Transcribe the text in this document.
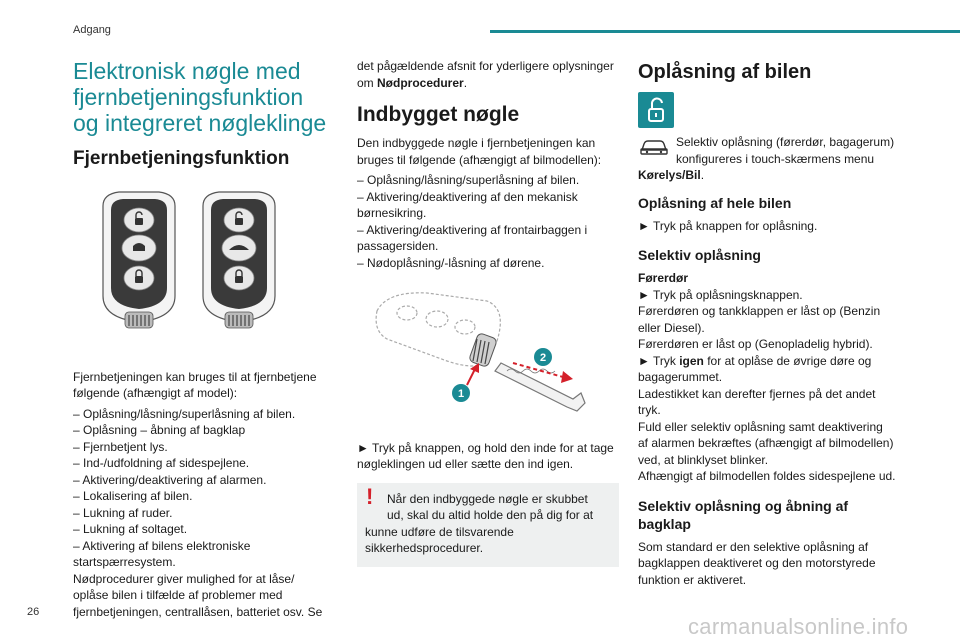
Adgang
Elektronisk nøgle med fjernbetjeningsfunktion og integreret nøgleklinge
Fjernbetjeningsfunktion

Fjernbetjeningen kan bruges til at fjernbetjene
følgende (afhængigt af model):

– Oplåsning/låsning/superlåsning af bilen.
– Oplåsning – åbning af bagklap
– Fjernbetjent lys.
– Ind-/udfoldning af sidespejlene.
– Aktivering/deaktivering af alarmen.
– Lokalisering af bilen.
– Lukning af ruder.
– Lukning af soltaget.
– Aktivering af bilens elektroniske
startspærresystem.
Nødprocedurer giver mulighed for at låse/
oplåse bilen i tilfælde af problemer med
fjernbetjeningen, centrallåsen, batteriet osv. Se

det pågældende afsnit for yderligere oplysninger
om Nødprocedurer.

Indbygget nøgle

Den indbyggede nøgle i fjernbetjeningen kan
bruges til følgende (afhængigt af bilmodellen):

– Oplåsning/låsning/superlåsning af bilen.
– Aktivering/deaktivering af den mekanisk
børnesikring.
– Aktivering/deaktivering af frontairbaggen i
passagersiden.
– Nødoplåsning/-låsning af dørene.
1
2

► Tryk på knappen, og hold den inde for at tage
nøgleklingen ud eller sætte den ind igen.

!	Når den indbyggede nøgle er skubbet
ud, skal du altid holde den på dig for at
kunne udføre de tilsvarende
sikkerhedsprocedurer.
Oplåsning af bilen
Selektiv oplåsning (førerdør, bagagerum)
konfigureres i touch-skærmens menu

Kørelys/Bil.

Oplåsning af hele bilen

► Tryk på knappen for oplåsning.

Selektiv oplåsning
Førerdør
► Tryk på oplåsningsknappen.
Førerdøren og tankklappen er låst op (Benzin
eller Diesel).
Førerdøren er låst op (Genopladelig hybrid).
► Tryk igen for at oplåse de øvrige døre og
bagagerummet.
Ladestikket kan derefter fjernes på det andet
tryk.
Fuld eller selektiv oplåsning samt deaktivering
af alarmen bekræftes (afhængigt af bilmodellen)
ved, at blinklyset blinker.
Afhængigt af bilmodellen foldes sidespejlene ud.
Selektiv oplåsning og åbning af
bagklap
Som standard er den selektive oplåsning af
bagklappen deaktiveret og den motorstyrede
funktion er aktiveret.
26
carmanualsonline.info
